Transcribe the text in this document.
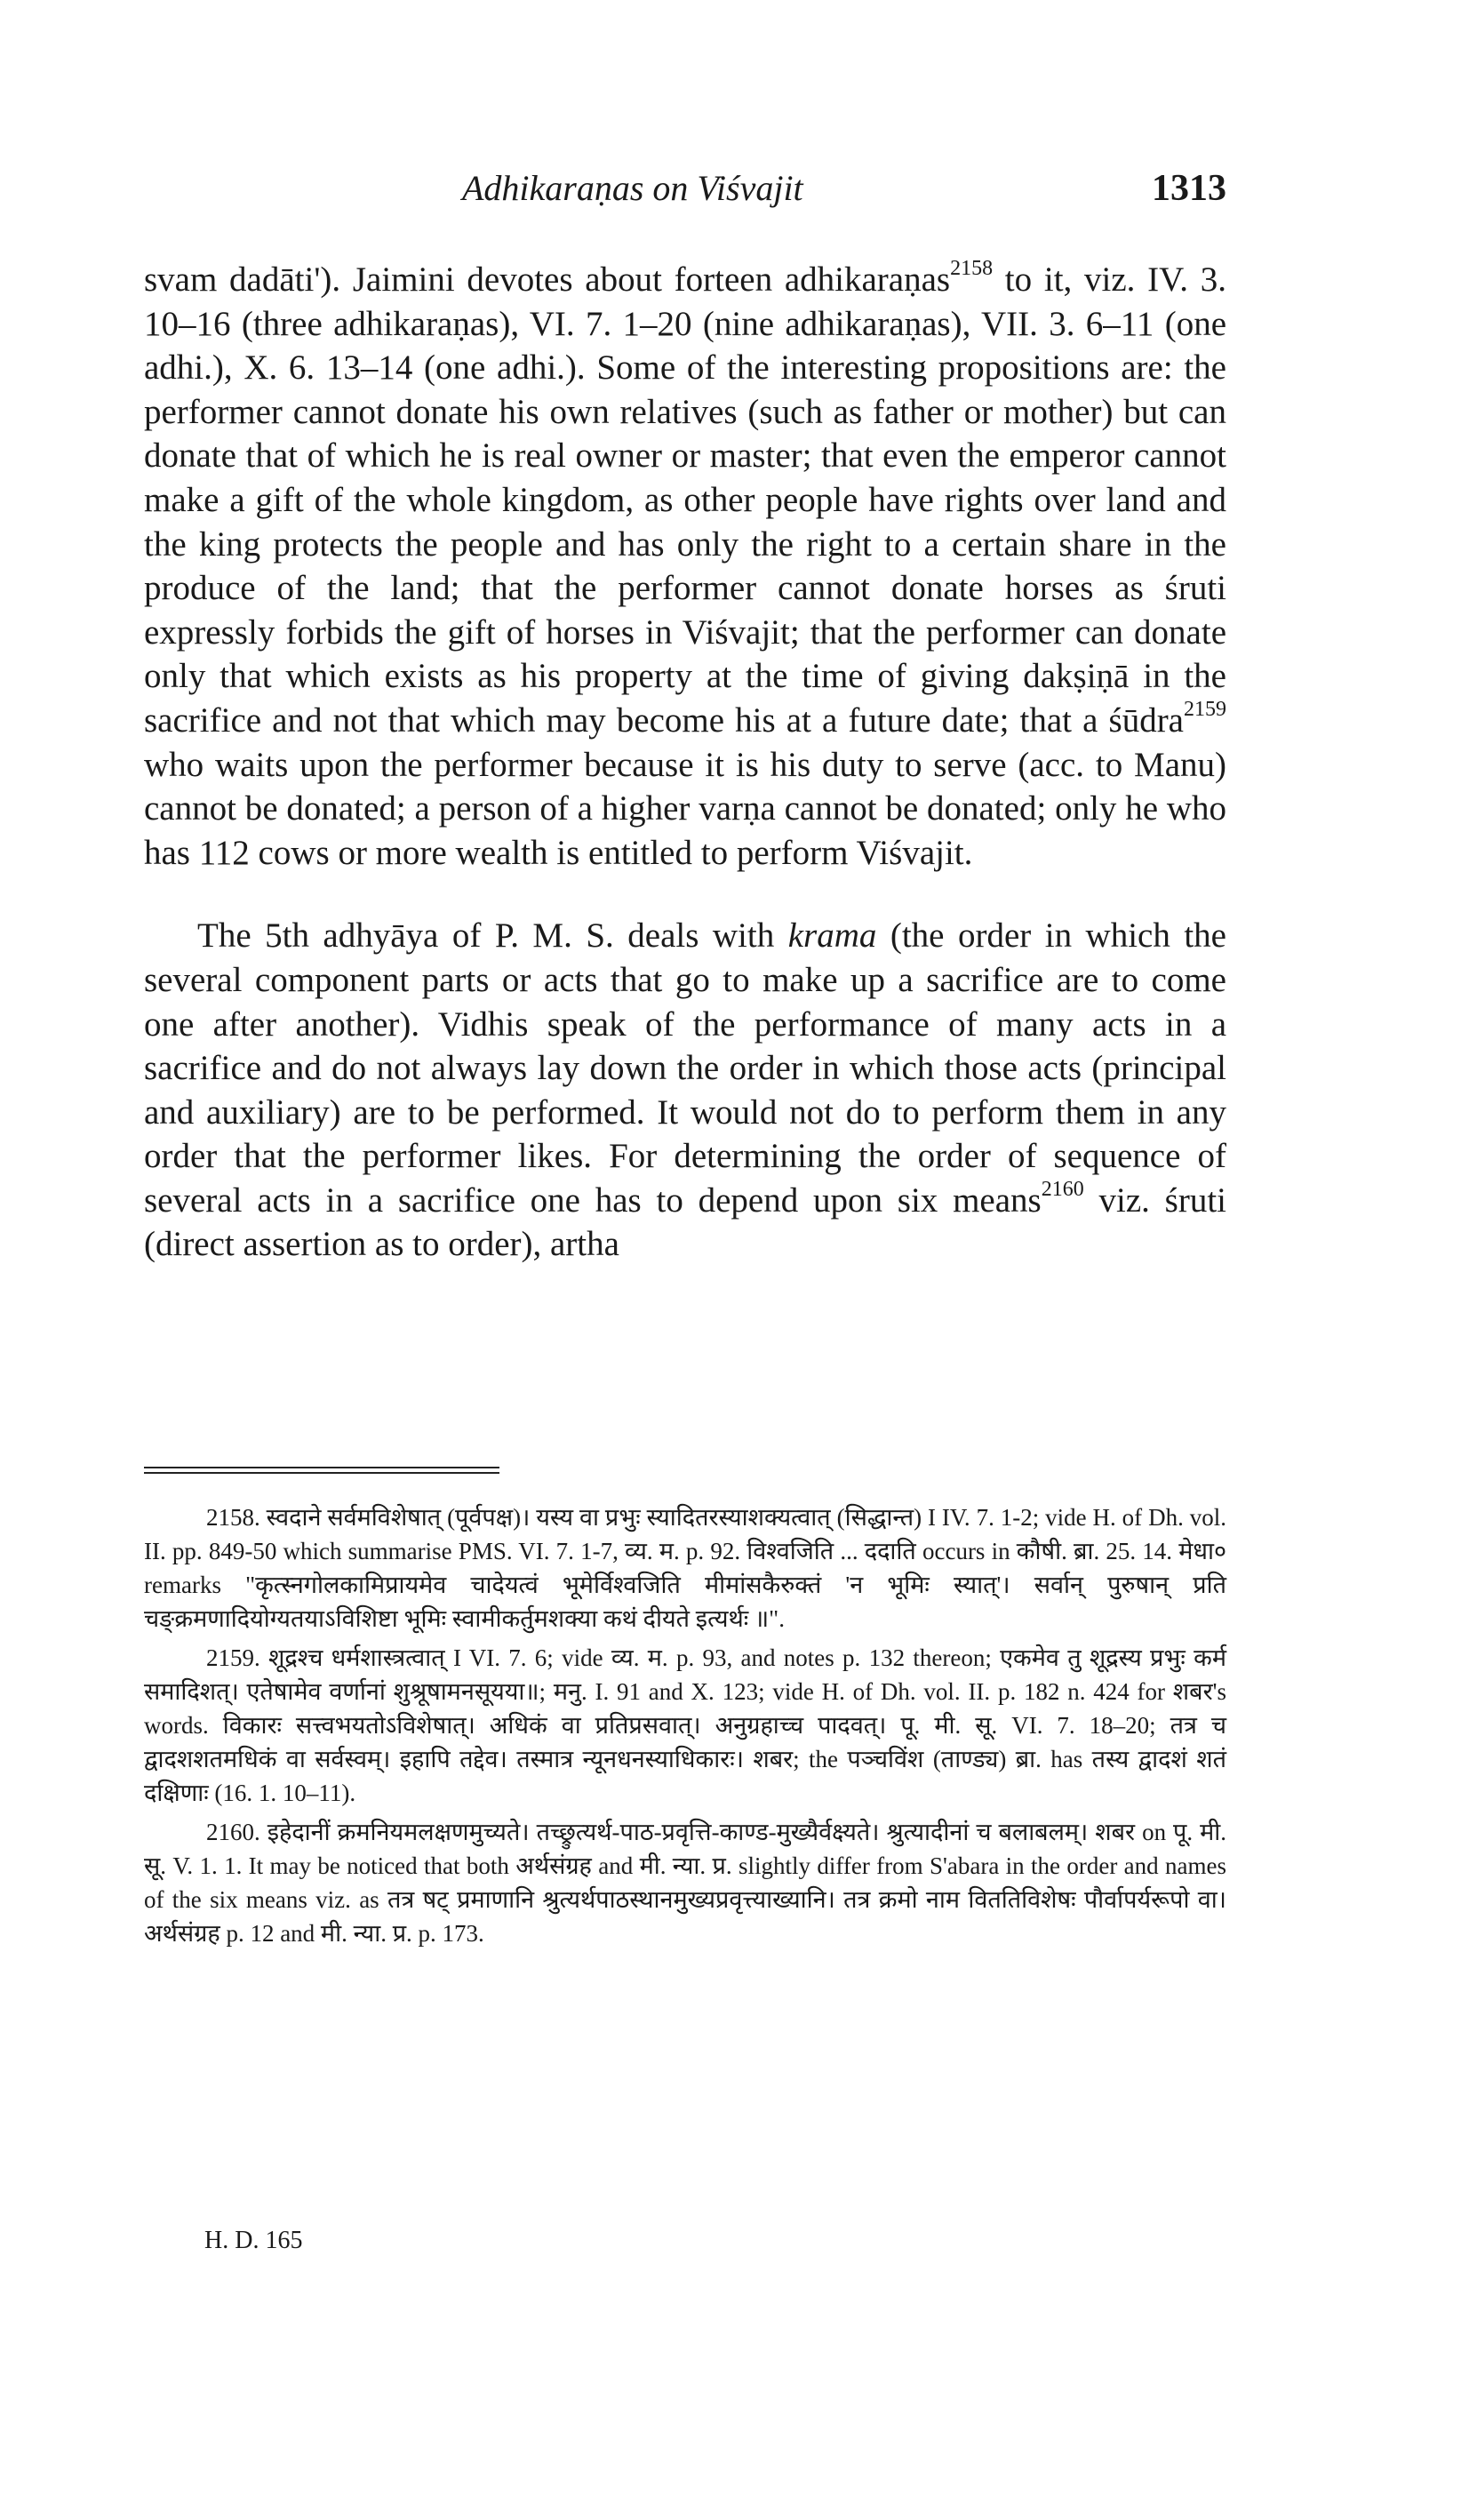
Adhikaraṇas on Viśvajit	1313

svam dadāti'). Jaimini devotes about forteen adhikaraṇas$^{2158}$ to it, viz. IV. 3. 10–16 (three adhikaraṇas), VI. 7. 1–20 (nine adhikaraṇas), VII. 3. 6–11 (one adhi.), X. 6. 13–14 (one adhi.). Some of the interesting propositions are: the performer cannot donate his own relatives (such as father or mother) but can donate that of which he is real owner or master; that even the emperor cannot make a gift of the whole kingdom, as other people have rights over land and the king protects the people and has only the right to a certain share in the produce of the land; that the performer cannot donate horses as śruti expressly forbids the gift of horses in Viśvajit; that the performer can donate only that which exists as his property at the time of giving dakṣiṇā in the sacrifice and not that which may become his at a future date; that a śūdra$^{2159}$ who waits upon the performer because it is his duty to serve (acc. to Manu) cannot be donated; a person of a higher varṇa cannot be donated; only he who has 112 cows or more wealth is entitled to perform Viśvajit.

The 5th adhyāya of P. M. S. deals with krama (the order in which the several component parts or acts that go to make up a sacrifice are to come one after another). Vidhis speak of the performance of many acts in a sacrifice and do not always lay down the order in which those acts (principal and auxiliary) are to be performed. It would not do to perform them in any order that the performer likes. For determining the order of sequence of several acts in a sacrifice one has to depend upon six means$^{2160}$ viz. śruti (direct assertion as to order), artha

2158. स्वदाने सर्वमविशेषात् (पूर्वपक्ष)। यस्य वा प्रभुः स्यादितरस्याशक्यत्वात् (सिद्धान्त) I IV. 7. 1-2; vide H. of Dh. vol. II. pp. 849-50 which summarise PMS. VI. 7. 1-7, व्य. म. p. 92. विश्वजिति ... ददाति occurs in कौषी. ब्रा. 25. 14. मेधा० remarks "कृत्स्नगोलकामिप्रायमेव चादेयत्वं भूमेर्विश्वजिति मीमांसकैरुक्तं 'न भूमिः स्यात्'। सर्वान् पुरुषान् प्रति चङ्क्रमणादियोग्यतयाऽविशिष्टा भूमिः स्वामीकर्तुमशक्या कथं दीयते इत्यर्थः ॥".

2159. शूद्रश्च धर्मशास्त्रत्वात् I VI. 7. 6; vide व्य. म. p. 93, and notes p. 132 thereon; एकमेव तु शूद्रस्य प्रभुः कर्म समादिशत्। एतेषामेव वर्णानां शुश्रूषामनसूयया॥; मनु. I. 91 and X. 123; vide H. of Dh. vol. II. p. 182 n. 424 for शबर's words. विकारः सत्त्वभयतोऽविशेषात्। अधिकं वा प्रतिप्रसवात्। अनुग्रहाच्च पादवत्। पू. मी. सू. VI. 7. 18–20; तत्र च द्वादशशतमधिकं वा सर्वस्वम्। इहापि तद्देव। तस्मात्र न्यूनधनस्याधिकारः। शबर; the पञ्चविंश (ताण्ड्य) ब्रा. has तस्य द्वादशं शतं दक्षिणाः (16. 1. 10–11).

2160. इहेदानीं क्रमनियमलक्षणमुच्यते। तच्छ्रुत्यर्थ-पाठ-प्रवृत्ति-काण्ड-मुख्यैर्वक्ष्यते। श्रुत्यादीनां च बलाबलम्। शबर on पू. मी. सू. V. 1. 1. It may be noticed that both अर्थसंग्रह and मी. न्या. प्र. slightly differ from S'abara in the order and names of the six means viz. as तत्र षट् प्रमाणानि श्रुत्यर्थपाठस्थानमुख्यप्रवृत्त्याख्यानि। तत्र क्रमो नाम विततिविशेषः पौर्वापर्यरूपो वा। अर्थसंग्रह p. 12 and मी. न्या. प्र. p. 173.

H. D. 165
